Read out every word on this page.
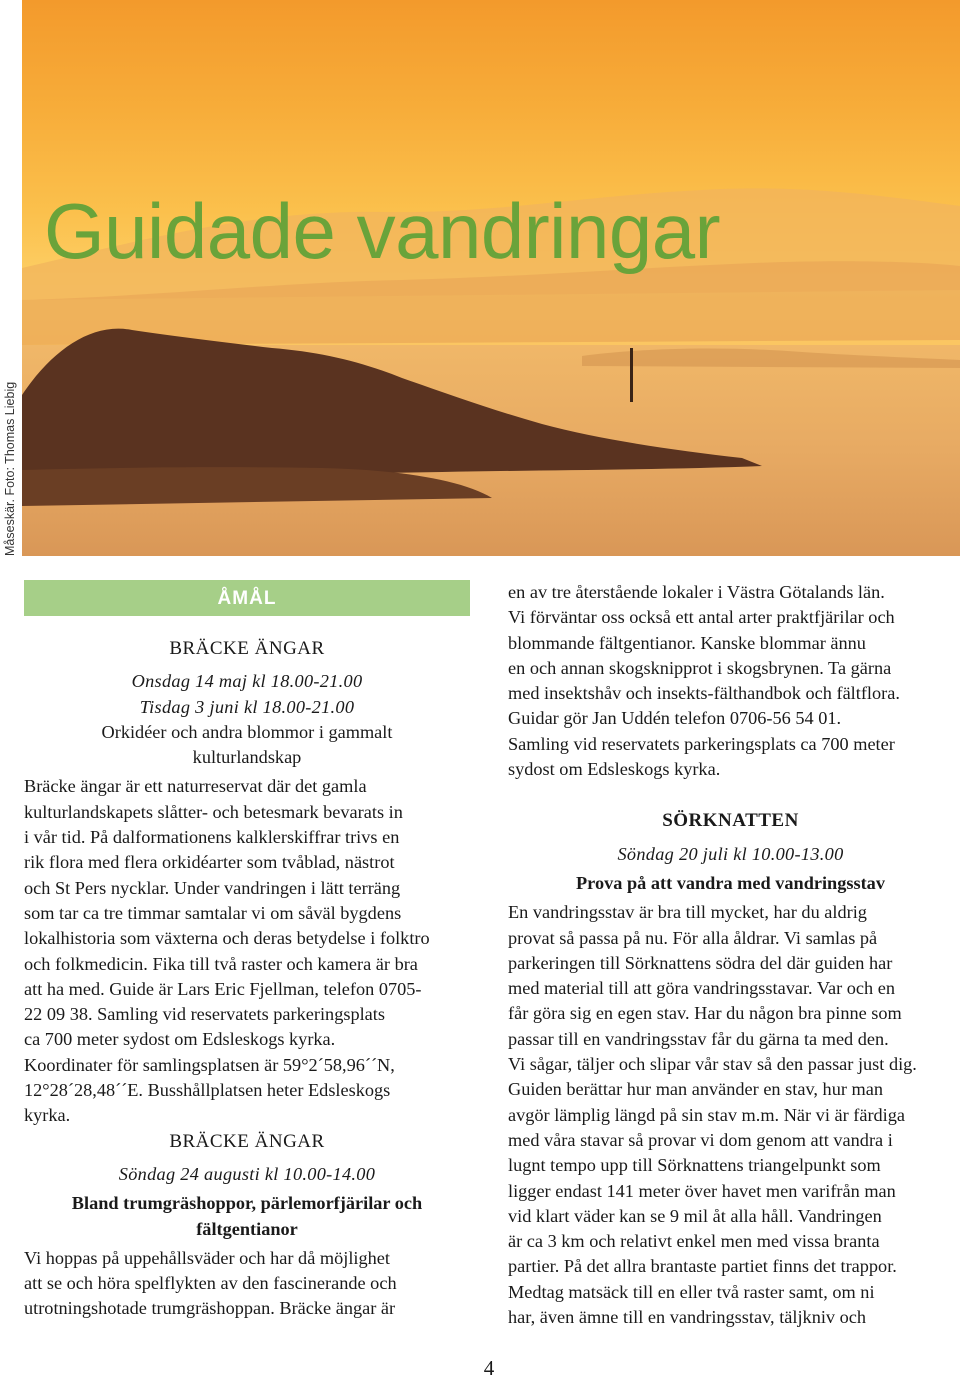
Guidade vandringar
Måseskär. Foto: Thomas Liebig
ÅMÅL
BRÄCKE ÄNGAR
Onsdag 14 maj kl 18.00-21.00
Tisdag 3 juni kl 18.00-21.00
Orkidéer och andra blommor i gammalt
kulturlandskap

Bräcke ängar är ett naturreservat där det gamla
kulturlandskapets slåtter- och betesmark bevarats in
i vår tid. På dalformationens kalklerskiffrar trivs en
rik flora med flera orkidéarter som tvåblad, nästrot
och St Pers nycklar. Under vandringen i lätt terräng
som tar ca tre timmar samtalar vi om såväl bygdens
lokalhistoria som växterna och deras betydelse i folktro
och folkmedicin. Fika till två raster och kamera är bra
att ha med. Guide är Lars Eric Fjellman, telefon 0705-
22 09 38. Samling vid reservatets parkeringsplats
ca 700 meter sydost om Edsleskogs kyrka.
Koordinater för samlingsplatsen är 59°2´58,96´´N,
12°28´28,48´´E. Busshållplatsen heter Edsleskogs
kyrka.

BRÄCKE ÄNGAR
Söndag 24 augusti kl 10.00-14.00
Bland trumgräshoppor, pärlemorfjärilar och
fältgentianor

Vi hoppas på uppehållsväder och har då möjlighet
att se och höra spelflykten av den fascinerande och
utrotningshotade trumgräshoppan. Bräcke ängar är

en av tre återstående lokaler i Västra Götalands län.
Vi förväntar oss också ett antal arter praktfjärilar och
blommande fältgentianor. Kanske blommar ännu
en och annan skogsknipprot i skogsbrynen. Ta gärna
med insektshåv och insekts-fälthandbok och fältflora.
Guidar gör Jan Uddén telefon 0706-56 54 01.
Samling vid reservatets parkeringsplats ca 700 meter
sydost om Edsleskogs kyrka.

SÖRKNATTEN
Söndag 20 juli kl 10.00-13.00
Prova på att vandra med vandringsstav

En vandringsstav är bra till mycket, har du aldrig
provat så passa på nu. För alla åldrar. Vi samlas på
parkeringen till Sörknattens södra del där guiden har
med material till att göra vandringsstavar. Var och en
får göra sig en egen stav. Har du någon bra pinne som
passar till en vandringsstav får du gärna ta med den.
Vi sågar, täljer och slipar vår stav så den passar just dig.
Guiden berättar hur man använder en stav, hur man
avgör lämplig längd på sin stav m.m. När vi är färdiga
med våra stavar så provar vi dom genom att vandra i
lugnt tempo upp till Sörknattens triangelpunkt som
ligger endast 141 meter över havet men varifrån man
vid klart väder kan se 9 mil åt alla håll. Vandringen
är ca 3 km och relativt enkel men med vissa branta
partier. På det allra brantaste partiet finns det trappor.
Medtag matsäck till en eller två raster samt, om ni
har, även ämne till en vandringsstav, täljkniv och

4
